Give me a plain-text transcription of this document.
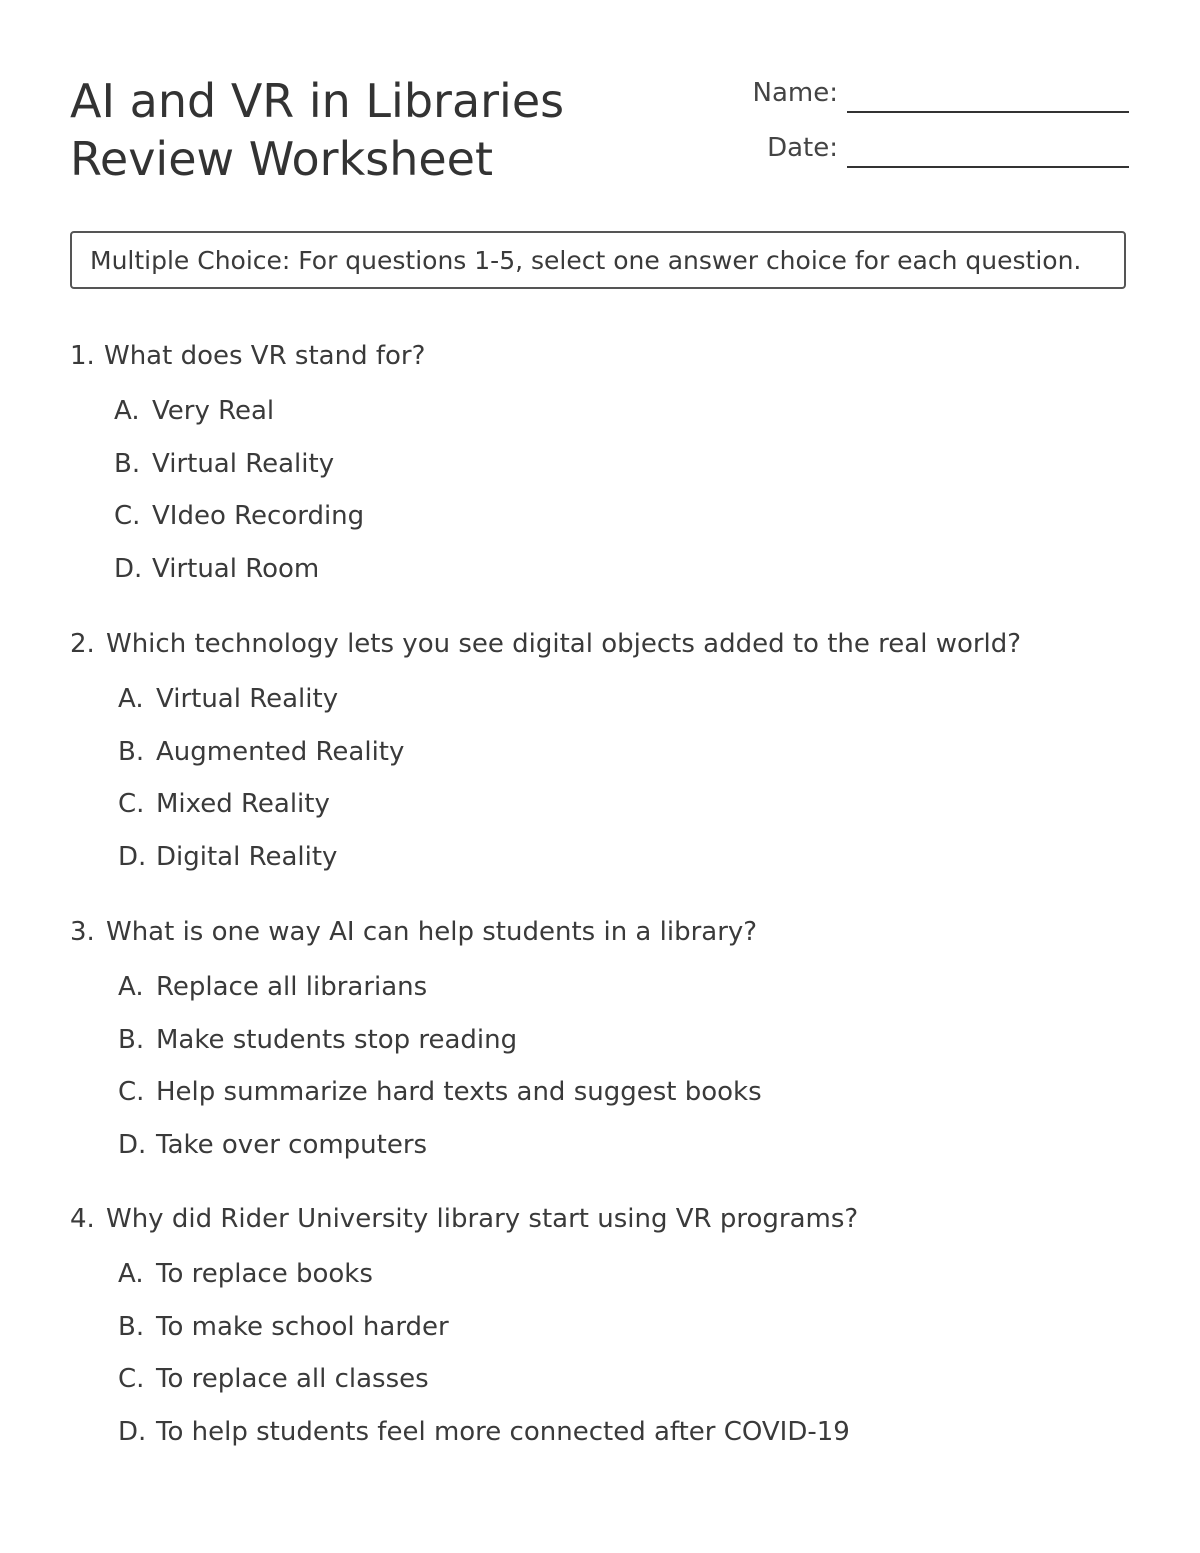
AI and VR in Libraries
Review Worksheet
Name:
Date:
Multiple Choice: For questions 1-5, select one answer choice for each question.
1. What does VR stand for?
A. Very Real
B. Virtual Reality
C. VIdeo Recording
D. Virtual Room
2. Which technology lets you see digital objects added to the real world?
A. Virtual Reality
B. Augmented Reality
C. Mixed Reality
D. Digital Reality
3. What is one way AI can help students in a library?
A. Replace all librarians
B. Make students stop reading
C. Help summarize hard texts and suggest books
D. Take over computers
4. Why did Rider University library start using VR programs?
A. To replace books
B. To make school harder
C. To replace all classes
D. To help students feel more connected after COVID-19
